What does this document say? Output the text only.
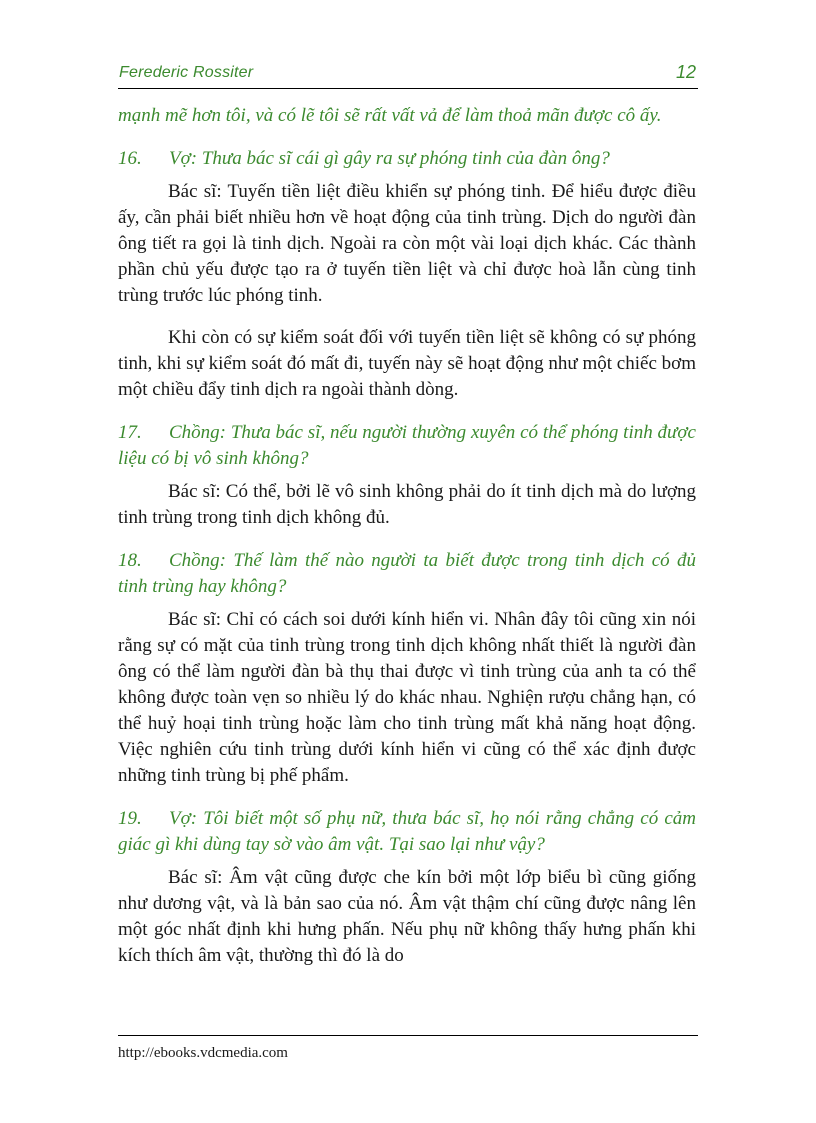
Ferederic Rossiter	12

mạnh mẽ hơn tôi, và có lẽ tôi sẽ rất vất vả để làm thoả mãn được cô ấy.

16. Vợ: Thưa bác sĩ cái gì gây ra sự phóng tinh của đàn ông?

Bác sĩ: Tuyến tiền liệt điều khiển sự phóng tinh. Để hiểu được điều ấy, cần phải biết nhiều hơn về hoạt động của tinh trùng. Dịch do người đàn ông tiết ra gọi là tinh dịch. Ngoài ra còn một vài loại dịch khác. Các thành phần chủ yếu được tạo ra ở tuyến tiền liệt và chỉ được hoà lẫn cùng tinh trùng trước lúc phóng tinh.

Khi còn có sự kiểm soát đối với tuyến tiền liệt sẽ không có sự phóng tinh, khi sự kiểm soát đó mất đi, tuyến này sẽ hoạt động như một chiếc bơm một chiều đẩy tinh dịch ra ngoài thành dòng.

17. Chồng: Thưa bác sĩ, nếu người thường xuyên có thể phóng tinh được liệu có bị vô sinh không?

Bác sĩ: Có thể, bởi lẽ vô sinh không phải do ít tinh dịch mà do lượng tinh trùng trong tinh dịch không đủ.

18. Chồng: Thế làm thế nào người ta biết được trong tinh dịch có đủ tinh trùng hay không?

Bác sĩ: Chỉ có cách soi dưới kính hiển vi. Nhân đây tôi cũng xin nói rằng sự có mặt của tinh trùng trong tinh dịch không nhất thiết là người đàn ông có thể làm người đàn bà thụ thai được vì tinh trùng của anh ta có thể không được toàn vẹn so nhiều lý do khác nhau. Nghiện rượu chẳng hạn, có thể huỷ hoại tinh trùng hoặc làm cho tinh trùng mất khả năng hoạt động. Việc nghiên cứu tinh trùng dưới kính hiển vi cũng có thể xác định được những tinh trùng bị phế phẩm.

19. Vợ: Tôi biết một số phụ nữ, thưa bác sĩ, họ nói rằng chẳng có cảm giác gì khi dùng tay sờ vào âm vật. Tại sao lại như vậy?

Bác sĩ: Âm vật cũng được che kín bởi một lớp biểu bì cũng giống như dương vật, và là bản sao của nó. Âm vật thậm chí cũng được nâng lên một góc nhất định khi hưng phấn. Nếu phụ nữ không thấy hưng phấn khi kích thích âm vật, thường thì đó là do

http://ebooks.vdcmedia.com
